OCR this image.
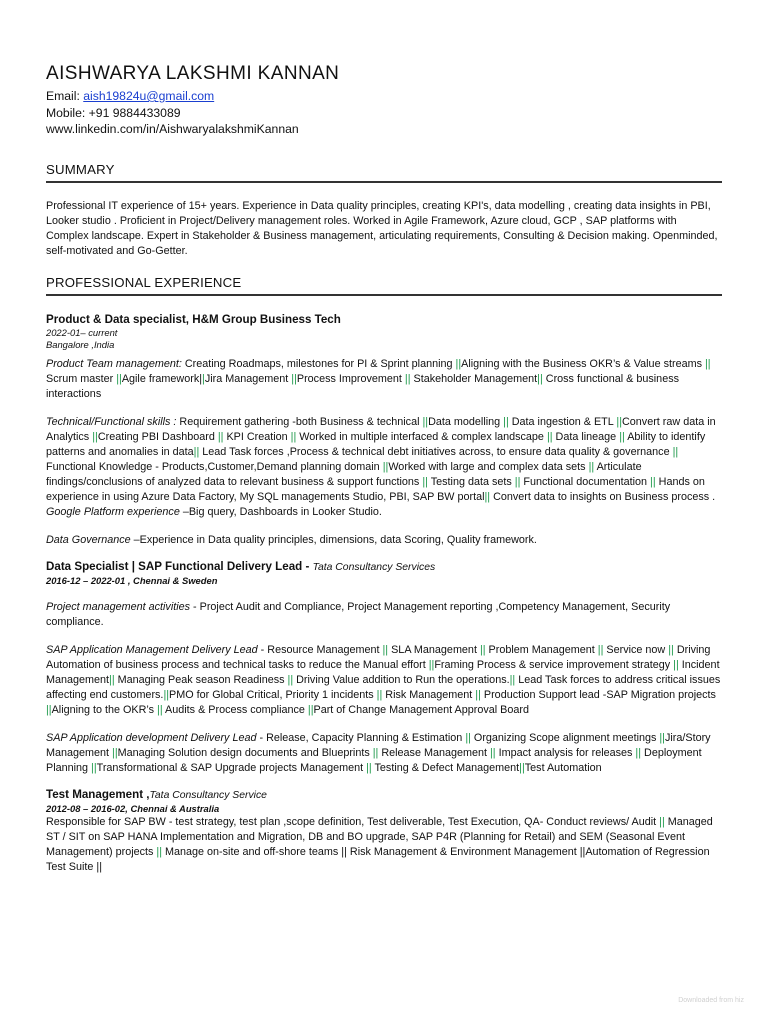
AISHWARYA LAKSHMI KANNAN
Email: aish19824u@gmail.com
Mobile: +91 9884433089
www.linkedin.com/in/AishwaryalakshmiKannan
SUMMARY
Professional IT experience of 15+ years. Experience in Data quality principles, creating KPI's, data modelling , creating data insights in PBI, Looker studio . Proficient in Project/Delivery management roles. Worked in Agile Framework, Azure cloud, GCP , SAP platforms with Complex landscape. Expert in Stakeholder & Business management, articulating requirements, Consulting & Decision making. Openminded, self-motivated and Go-Getter.
PROFESSIONAL EXPERIENCE
Product & Data specialist, H&M Group Business Tech
2022-01– current
Bangalore ,India

Product Team management: Creating Roadmaps, milestones for PI & Sprint planning ||Aligning with the Business OKR’s & Value streams || Scrum master ||Agile framework||Jira Management ||Process Improvement || Stakeholder Management|| Cross functional & business interactions

Technical/Functional skills : Requirement gathering -both Business & technical ||Data modelling || Data ingestion & ETL ||Convert raw data in Analytics ||Creating PBI Dashboard || KPI Creation || Worked in multiple interfaced & complex landscape || Data lineage || Ability to identify patterns and anomalies in data|| Lead Task forces ,Process & technical debt initiatives across, to ensure data quality & governance || Functional Knowledge - Products,Customer,Demand planning domain ||Worked with large and complex data sets || Articulate findings/conclusions of analyzed data to relevant business & support functions || Testing data sets || Functional documentation || Hands on experience in using Azure Data Factory, My SQL managements Studio, PBI, SAP BW portal|| Convert data to insights on Business process .

Google Platform experience –Big query, Dashboards in Looker Studio.

Data Governance –Experience in Data quality principles, dimensions, data Scoring, Quality framework.

Data Specialist | SAP Functional Delivery Lead - Tata Consultancy Services
2016-12 – 2022-01 , Chennai & Sweden

Project management activities - Project Audit and Compliance, Project Management reporting ,Competency Management, Security compliance.

SAP Application Management Delivery Lead - Resource Management || SLA Management || Problem Management || Service now || Driving Automation of business process and technical tasks to reduce the Manual effort ||Framing Process & service improvement strategy || Incident Management|| Managing Peak season Readiness || Driving Value addition to Run the operations.|| Lead Task forces to address critical issues affecting end customers.||PMO for Global Critical, Priority 1 incidents || Risk Management || Production Support lead -SAP Migration projects ||Aligning to the OKR’s || Audits & Process compliance ||Part of Change Management Approval Board

SAP Application development Delivery Lead - Release, Capacity Planning & Estimation || Organizing Scope alignment meetings ||Jira/Story Management ||Managing Solution design documents and Blueprints || Release Management || Impact analysis for releases || Deployment Planning ||Transformational & SAP Upgrade projects Management || Testing & Defect Management||Test Automation

Test Management ,Tata Consultancy Service
2012-08 – 2016-02, Chennai & Australia

Responsible for SAP BW - test strategy, test plan ,scope definition, Test deliverable, Test Execution, QA- Conduct reviews/ Audit || Managed ST / SIT on SAP HANA Implementation and Migration, DB and BO upgrade, SAP P4R (Planning for Retail) and SEM (Seasonal Event Management) projects || Manage on-site and off-shore teams || Risk Management & Environment Management ||Automation of Regression Test Suite ||

Downloaded from hiz
